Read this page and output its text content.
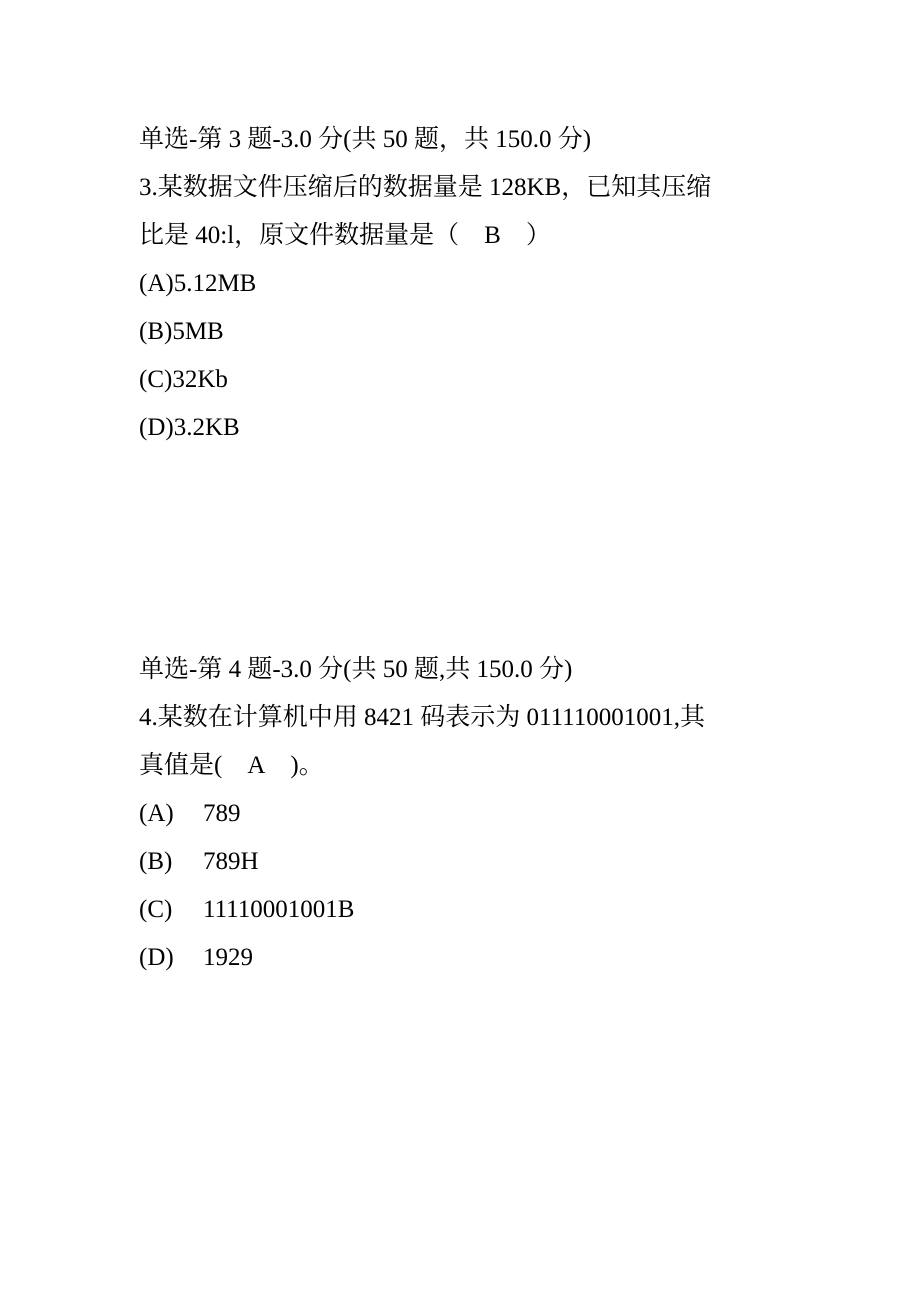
单选-第 3 题-3.0 分(共 50 题，共 150.0 分)
3.某数据文件压缩后的数据量是 128KB，已知其压缩
比是 40:l，原文件数据量是（    B    ）
(A)5.12MB
(B)5MB
(C)32Kb
(D)3.2KB
单选-第 4 题-3.0 分(共 50 题,共 150.0 分)
4.某数在计算机中用 8421 码表示为 011110001001,其
真值是(    A    )。
(A) 789
(B) 789H
(C) 11110001001B
(D) 1929
